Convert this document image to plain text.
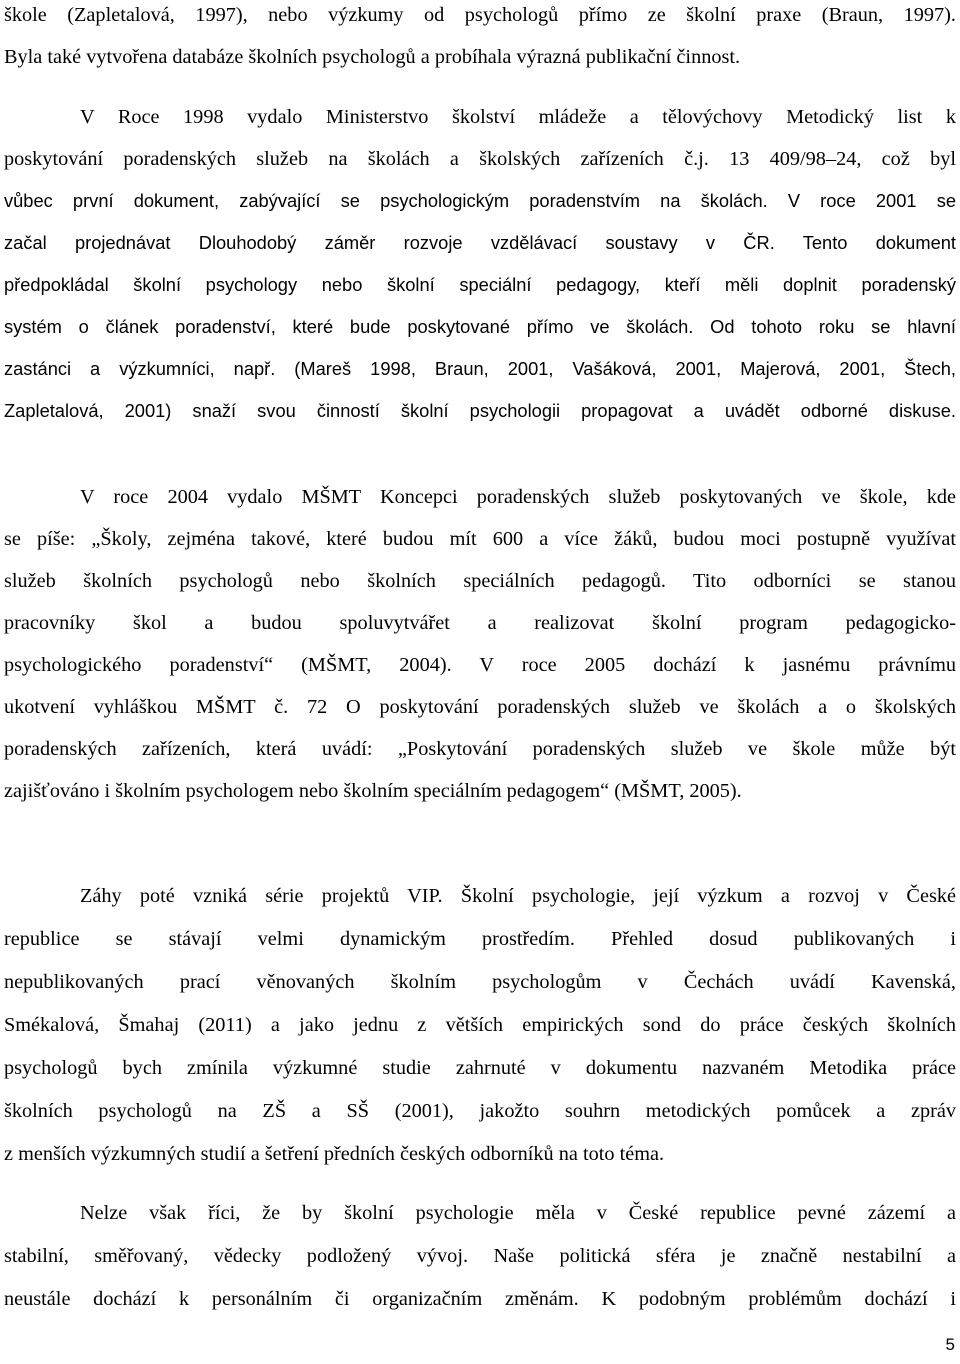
škole (Zapletalová, 1997), nebo výzkumy od psychologů přímo ze školní praxe (Braun, 1997).
Byla také vytvořena databáze školních psychologů a probíhala výrazná publikační činnost.
V Roce 1998 vydalo Ministerstvo školství mládeže a tělovýchovy Metodický list k
poskytování poradenských služeb na školách a školských zařízeních č.j. 13 409/98–24, což byl
vůbec první dokument, zabývající se psychologickým poradenstvím na školách. V roce 2001 se
začal projednávat Dlouhodobý záměr rozvoje vzdělávací soustavy v ČR. Tento dokument
předpokládal školní psychology nebo školní speciální pedagogy, kteří měli doplnit poradenský
systém o článek poradenství, které bude poskytované přímo ve školách. Od tohoto roku se hlavní
zastánci a výzkumníci, např. (Mareš 1998, Braun, 2001, Vašáková, 2001, Majerová, 2001, Štech,
Zapletalová, 2001) snaží svou činností školní psychologii propagovat a uvádět odborné diskuse.
V roce 2004 vydalo MŠMT Koncepci poradenských služeb poskytovaných ve škole, kde
se píše: „Školy, zejména takové, které budou mít 600 a více žáků, budou moci postupně využívat
služeb školních psychologů nebo školních speciálních pedagogů. Tito odborníci se stanou
pracovníky škol a budou spoluvytvářet a realizovat školní program pedagogicko-
psychologického poradenství“ (MŠMT, 2004). V roce 2005 dochází k jasnému právnímu
ukotvení vyhláškou MŠMT č. 72 O poskytování poradenských služeb ve školách a o školských
poradenských zařízeních, která uvádí: „Poskytování poradenských služeb ve škole může být
zajišťováno i školním psychologem nebo školním speciálním pedagogem“ (MŠMT, 2005).
Záhy poté vzniká série projektů VIP. Školní psychologie, její výzkum a rozvoj v České
republice se stávají velmi dynamickým prostředím. Přehled dosud publikovaných i
nepublikovaných prací věnovaných školním psychologům v Čechách uvádí Kavenská,
Smékalová, Šmahaj (2011) a jako jednu z větších empirických sond do práce českých školních
psychologů bych zmínila výzkumné studie zahrnuté v dokumentu nazvaném Metodika práce
školních psychologů na ZŠ a SŠ (2001), jakožto souhrn metodických pomůcek a zpráv
z menších výzkumných studií a šetření předních českých odborníků na toto téma.
Nelze však říci, že by školní psychologie měla v České republice pevné zázemí a
stabilní, směřovaný, vědecky podložený vývoj. Naše politická sféra je značně nestabilní a
neustále dochází k personálním či organizačním změnám. K podobným problémům dochází i
5
